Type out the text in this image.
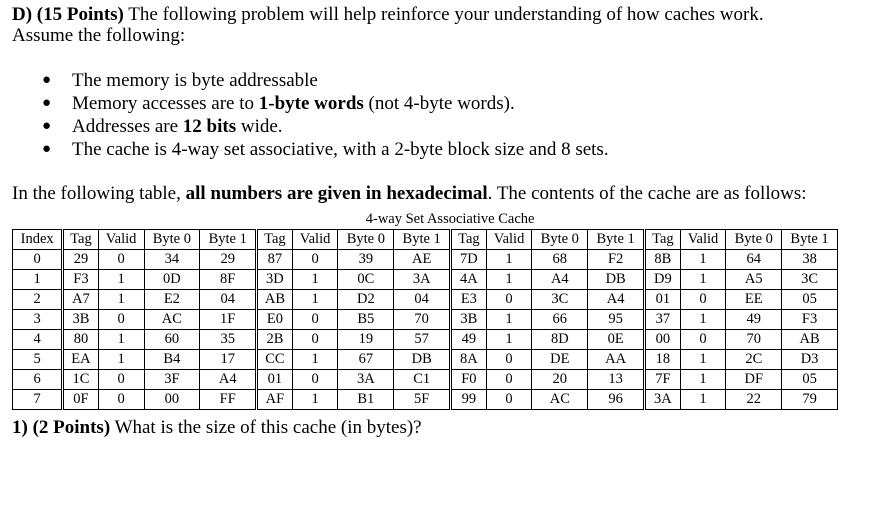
D) (15 Points) The following problem will help reinforce your understanding of how caches work.
Assume the following:

● The memory is byte addressable
● Memory accesses are to 1-byte words (not 4-byte words).
● Addresses are 12 bits wide.
● The cache is 4-way set associative, with a 2-byte block size and 8 sets.

In the following table, all numbers are given in hexadecimal. The contents of the cache are as follows:

	4-way Set Associative Cache															
Index	Tag	Valid	Byte 0	Byte 1	Tag	Valid	Byte 0	Byte 1	Tag	Valid	Byte 0	Byte 1	Tag	Valid	Byte 0	Byte 1
0	29	0	34	29	87	0	39	AE	7D	1	68	F2	8B	1	64	38
1	F3	1	0D	8F	3D	1	0C	3A	4A	1	A4	DB	D9	1	A5	3C
2	A7	1	E2	04	AB	1	D2	04	E3	0	3C	A4	01	0	EE	05
3	3B	0	AC	1F	E0	0	B5	70	3B	1	66	95	37	1	49	F3
4	80	1	60	35	2B	0	19	57	49	1	8D	0E	00	0	70	AB
5	EA	1	B4	17	CC	1	67	DB	8A	0	DE	AA	18	1	2C	D3
6	1C	0	3F	A4	01	0	3A	C1	F0	0	20	13	7F	1	DF	05
7	0F	0	00	FF	AF	1	B1	5F	99	0	AC	96	3A	1	22	79
1) (2 Points) What is the size of this cache (in bytes)?
